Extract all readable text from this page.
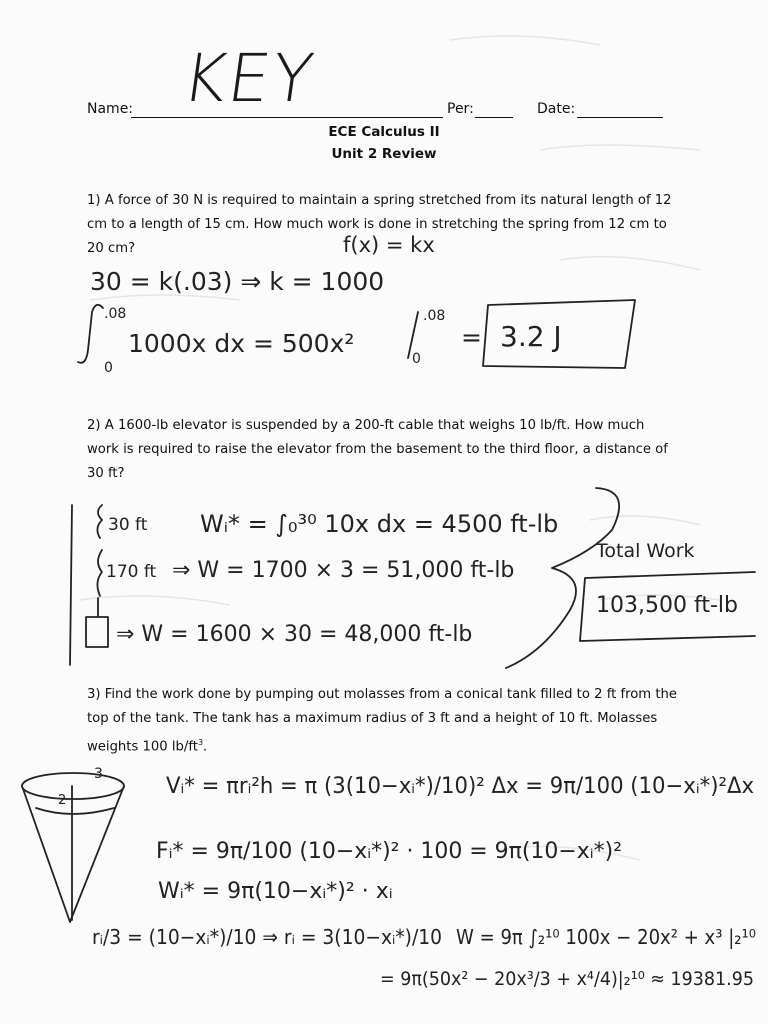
Name: KEY	Per:	Date:
ECE Calculus II
Unit 2 Review
1) A force of 30 N is required to maintain a spring stretched from its natural length of 12 cm to a length of 15 cm. How much work is done in stretching the spring from 12 cm to 20 cm?
2) A 1600-lb elevator is suspended by a 200-ft cable that weighs 10 lb/ft. How much work is required to raise the elevator from the basement to the third floor, a distance of 30 ft?
3) Find the work done by pumping out molasses from a conical tank filled to 2 ft from the top of the tank. The tank has a maximum radius of 3 ft and a height of 10 ft. Molasses weights 100 $lb/ft^3$.
f(x) = kx
30 = k(.03) ⇒ k = 1000
.08
0
1000x dx = 500x²
.08
0
= 3.2 J
30 ft
170 ft
Wᵢ* = ∫₀³⁰ 10x dx = 4500 ft-lb
⇒ W = 1700 × 3 = 51,000 ft-lb
⇒ W = 1600 × 30 = 48,000 ft-lb
Total Work
103,500 ft-lb
3
2
Vᵢ* = πrᵢ²h = π (3(10−xᵢ*)/10)² Δx = 9π/100 (10−xᵢ*)²Δx
Fᵢ* = 9π/100 (10−xᵢ*)² · 100 = 9π(10−xᵢ*)²
Wᵢ* = 9π(10−xᵢ*)² · xᵢ
rᵢ/3 = (10−xᵢ*)/10 ⇒ rᵢ = 3(10−xᵢ*)/10 W = 9π ∫₂¹⁰ 100x − 20x² + x³ |₂¹⁰
= 9π(50x² − 20x³/3 + x⁴/4)|₂¹⁰ ≈ 19381.95
